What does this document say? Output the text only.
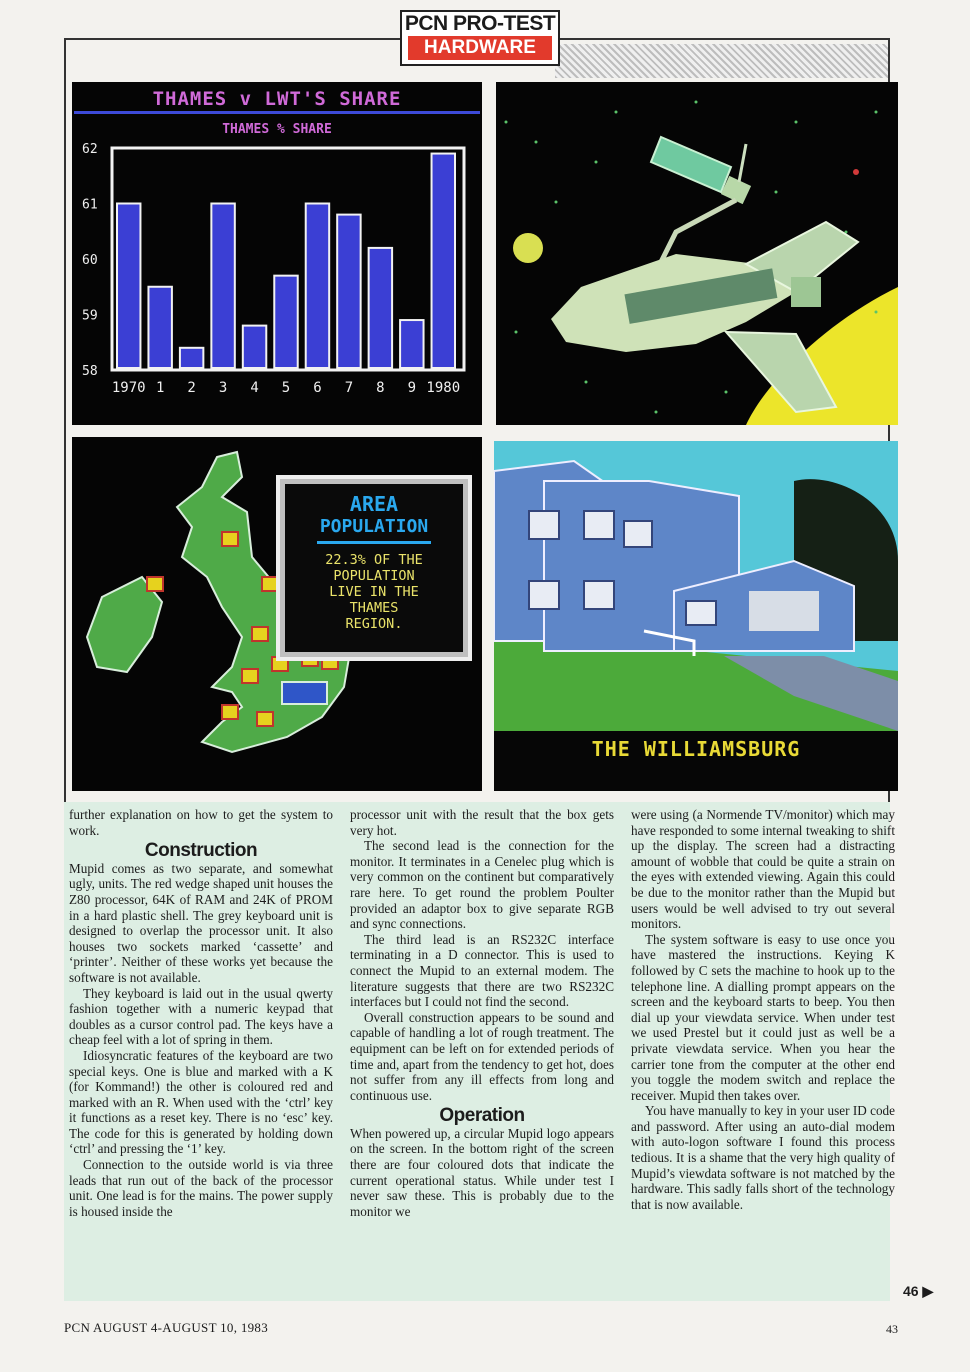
PCN PRO-TEST
HARDWARE
THAMES v LWT'S SHARE
THAMES % SHARE
58
59
60
61
62
1970 1 2 3 4 5 6 7 8 9 1980
AREA
POPULATION
22.3% OF THE
POPULATION
LIVE IN THE
THAMES
REGION.
THE WILLIAMSBURG

further explanation on how to get the system to work.

Construction

Mupid comes as two separate, and somewhat ugly, units. The red wedge shaped unit houses the Z80 processor, 64K of RAM and 24K of PROM in a hard plastic shell. The grey keyboard unit is designed to overlap the processor unit. It also houses two sockets marked ‘cassette’ and ‘printer’. Neither of these works yet because the software is not available.

They keyboard is laid out in the usual qwerty fashion together with a numeric keypad that doubles as a cursor control pad. The keys have a cheap feel with a lot of spring in them.

Idiosyncratic features of the keyboard are two special keys. One is blue and marked with a K (for Kommand!) the other is coloured red and marked with an R. When used with the ‘ctrl’ key it functions as a reset key. There is no ‘esc’ key. The code for this is generated by holding down ‘ctrl’ and pressing the ‘1’ key.

Connection to the outside world is via three leads that run out of the back of the processor unit. One lead is for the mains. The power supply is housed inside the

processor unit with the result that the box gets very hot.

The second lead is the connection for the monitor. It terminates in a Cenelec plug which is very common on the continent but comparatively rare here. To get round the problem Poulter provided an adaptor box to give separate RGB and sync connections.

The third lead is an RS232C interface terminating in a D connector. This is used to connect the Mupid to an external modem. The literature suggests that there are two RS232C interfaces but I could not find the second.

Overall construction appears to be sound and capable of handling a lot of rough treatment. The equipment can be left on for extended periods of time and, apart from the tendency to get hot, does not suffer from any ill effects from long and continuous use.

Operation

When powered up, a circular Mupid logo appears on the screen. In the bottom right of the screen there are four coloured dots that indicate the current operational status. While under test I never saw these. This is probably due to the monitor we

were using (a Normende TV/monitor) which may have responded to some internal tweaking to shift up the display. The screen had a distracting amount of wobble that could be quite a strain on the eyes with extended viewing. Again this could be due to the monitor rather than the Mupid but users would be well advised to try out several monitors.

The system software is easy to use once you have mastered the instructions. Keying K followed by C sets the machine to hook up to the telephone line. A dialling prompt appears on the screen and the keyboard starts to beep. You then dial up your viewdata service. When under test we used Prestel but it could just as well be a private viewdata service. When you hear the carrier tone from the computer at the other end you toggle the modem switch and replace the receiver. Mupid then takes over.

You have manually to key in your user ID code and password. After using an auto-dial modem with auto-logon software I found this process tedious. It is a shame that the very high quality of Mupid’s viewdata software is not matched by the hardware. This sadly falls short of the technology that is now available.

46 ▶
PCN AUGUST 4-AUGUST 10, 1983	43
